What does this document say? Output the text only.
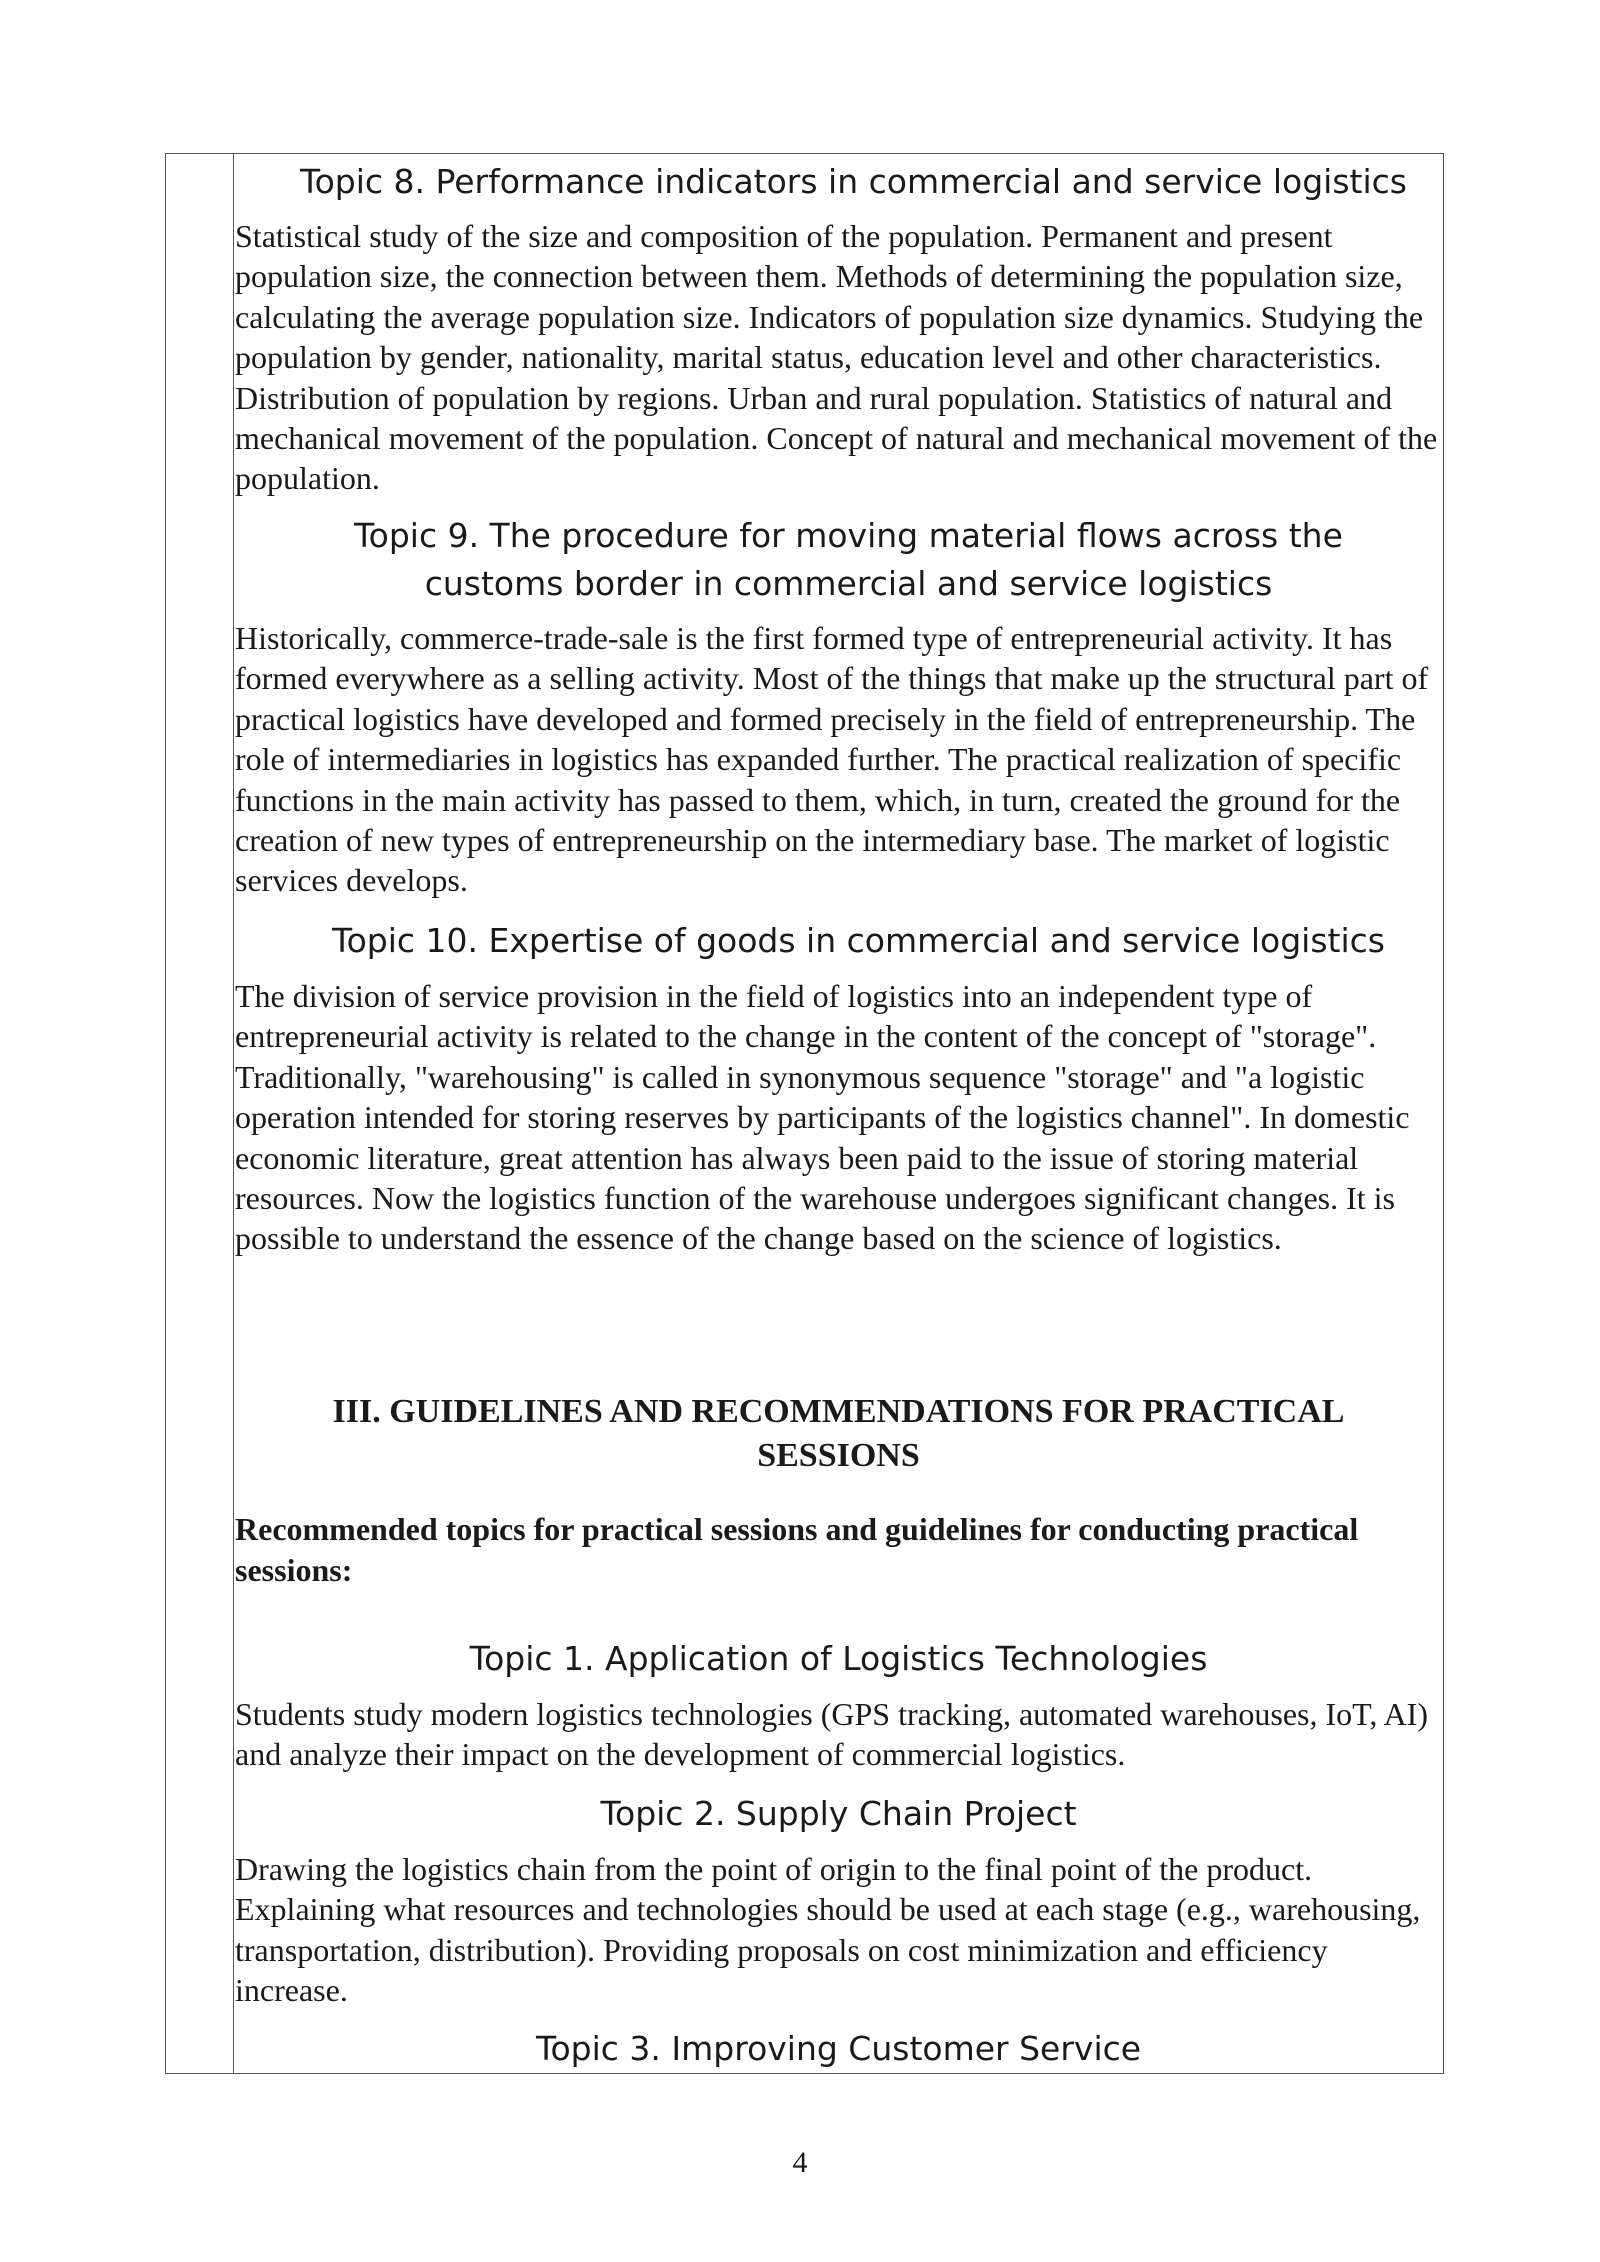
Topic 8. Performance indicators in commercial and service logistics

Statistical study of the size and composition of the population. Permanent and present population size, the connection between them. Methods of determining the population size, calculating the average population size. Indicators of population size dynamics. Studying the population by gender, nationality, marital status, education level and other characteristics. Distribution of population by regions. Urban and rural population. Statistics of natural and mechanical movement of the population. Concept of natural and mechanical movement of the population.

Topic 9. The procedure for moving material flows across the
customs border in commercial and service logistics

Historically, commerce-trade-sale is the first formed type of entrepreneurial activity. It has formed everywhere as a selling activity. Most of the things that make up the structural part of practical logistics have developed and formed precisely in the field of entrepreneurship. The role of intermediaries in logistics has expanded further. The practical realization of specific functions in the main activity has passed to them, which, in turn, created the ground for the creation of new types of entrepreneurship on the intermediary base. The market of logistic services develops.

Topic 10. Expertise of goods in commercial and service logistics

The division of service provision in the field of logistics into an independent type of entrepreneurial activity is related to the change in the content of the concept of "storage". Traditionally, "warehousing" is called in synonymous sequence "storage" and "a logistic operation intended for storing reserves by participants of the logistics channel". In domestic economic literature, great attention has always been paid to the issue of storing material resources. Now the logistics function of the warehouse undergoes significant changes. It is possible to understand the essence of the change based on the science of logistics.

III. GUIDELINES AND RECOMMENDATIONS FOR PRACTICAL
SESSIONS

Recommended topics for practical sessions and guidelines for conducting practical sessions:

Topic 1. Application of Logistics Technologies

Students study modern logistics technologies (GPS tracking, automated warehouses, IoT, AI) and analyze their impact on the development of commercial logistics.

Topic 2. Supply Chain Project

Drawing the logistics chain from the point of origin to the final point of the product. Explaining what resources and technologies should be used at each stage (e.g., warehousing, transportation, distribution). Providing proposals on cost minimization and efficiency increase.

Topic 3. Improving Customer Service
4
